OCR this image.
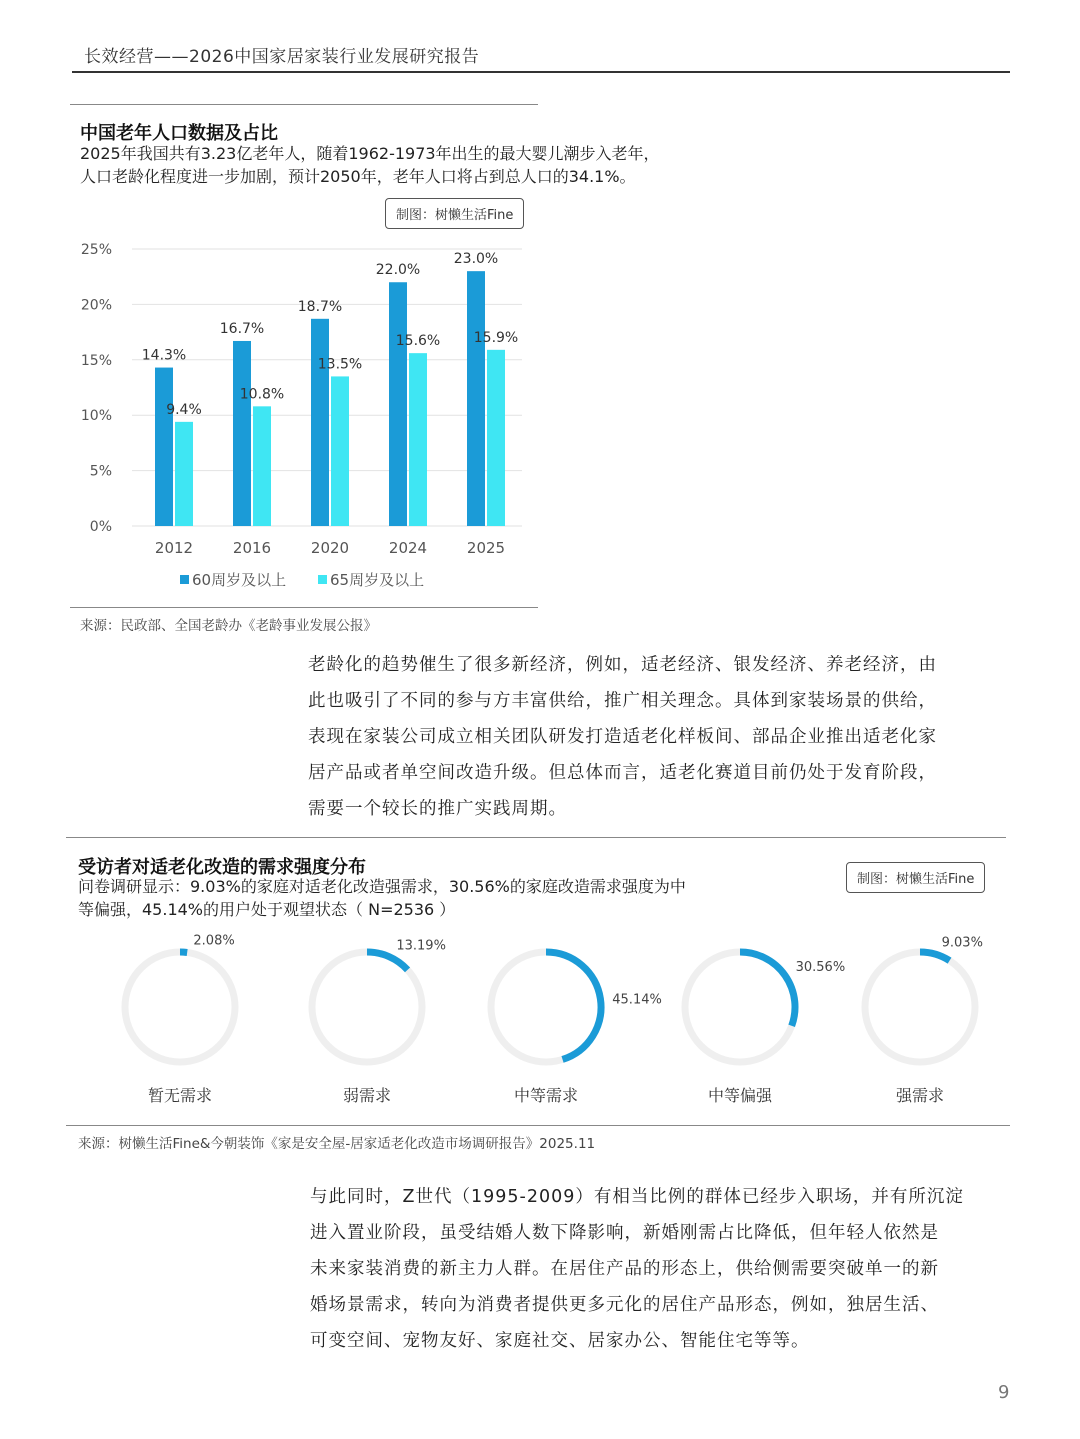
长效经营——2026中国家居家装行业发展研究报告
中国老年人口数据及占比
2025年我国共有3.23亿老年人，随着1962-1973年出生的最大婴儿潮步入老年，
人口老龄化程度进一步加剧，预计2050年，老年人口将占到总人口的34.1%。
制图：树懒生活Fine
0%
5%
10%
15%
20%
25%
14.3%
9.4%
2012
16.7%
10.8%
2016
18.7%
13.5%
2020
22.0%
15.6%
2024
23.0%
15.9%
2025
60周岁及以上	65周岁及以上
来源：民政部、全国老龄办《老龄事业发展公报》
老龄化的趋势催生了很多新经济，例如，适老经济、银发经济、养老经济，由
此也吸引了不同的参与方丰富供给，推广相关理念。具体到家装场景的供给，
表现在家装公司成立相关团队研发打造适老化样板间、部品企业推出适老化家
居产品或者单空间改造升级。但总体而言，适老化赛道目前仍处于发育阶段，
需要一个较长的推广实践周期。
受访者对适老化改造的需求强度分布
问卷调研显示：9.03%的家庭对适老化改造强需求，30.56%的家庭改造需求强度为中
等偏强，45.14%的用户处于观望状态（ N=2536 ）
制图：树懒生活Fine
2.08%
暂无需求
13.19%
弱需求
45.14%
中等需求
30.56%
中等偏强
9.03%
强需求
来源：树懒生活Fine&今朝装饰《家是安全屋-居家适老化改造市场调研报告》2025.11
与此同时，Z世代（1995-2009）有相当比例的群体已经步入职场，并有所沉淀
进入置业阶段，虽受结婚人数下降影响，新婚刚需占比降低，但年轻人依然是
未来家装消费的新主力人群。在居住产品的形态上，供给侧需要突破单一的新
婚场景需求，转向为消费者提供更多元化的居住产品形态，例如，独居生活、
可变空间、宠物友好、家庭社交、居家办公、智能住宅等等。
9
